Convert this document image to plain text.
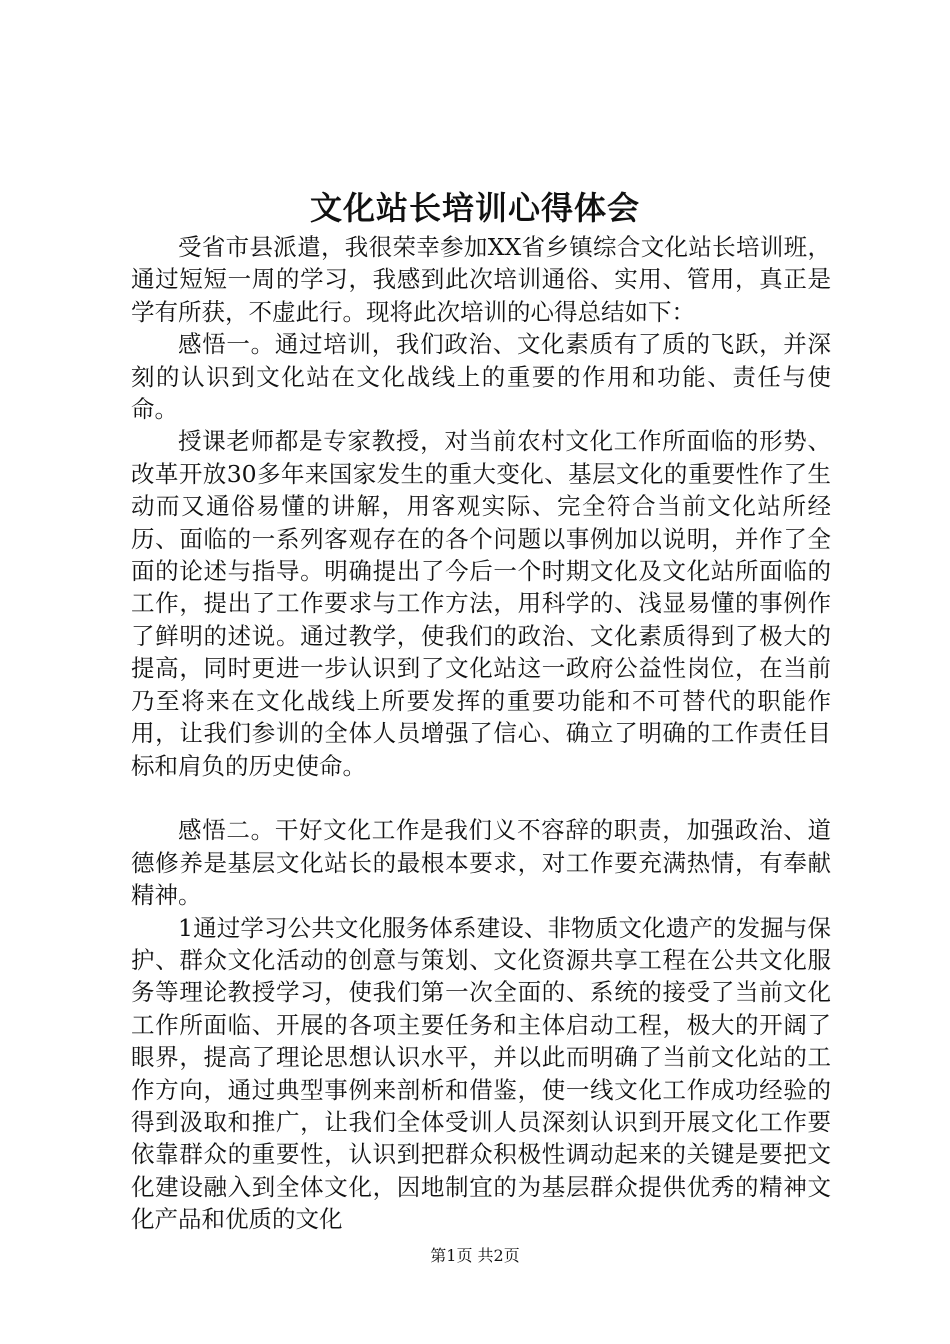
文化站长培训心得体会

受省市县派遣，我很荣幸参加XX省乡镇综合文化站长培训班，通过短短一周的学习，我感到此次培训通俗、实用、管用，真正是学有所获，不虚此行。现将此次培训的心得总结如下：

感悟一。通过培训，我们政治、文化素质有了质的飞跃，并深刻的认识到文化站在文化战线上的重要的作用和功能、责任与使命。

授课老师都是专家教授，对当前农村文化工作所面临的形势、改革开放30多年来国家发生的重大变化、基层文化的重要性作了生动而又通俗易懂的讲解，用客观实际、完全符合当前文化站所经历、面临的一系列客观存在的各个问题以事例加以说明，并作了全面的论述与指导。明确提出了今后一个时期文化及文化站所面临的工作，提出了工作要求与工作方法，用科学的、浅显易懂的事例作了鲜明的述说。通过教学，使我们的政治、文化素质得到了极大的提高，同时更进一步认识到了文化站这一政府公益性岗位，在当前乃至将来在文化战线上所要发挥的重要功能和不可替代的职能作用，让我们参训的全体人员增强了信心、确立了明确的工作责任目标和肩负的历史使命。

感悟二。干好文化工作是我们义不容辞的职责，加强政治、道德修养是基层文化站长的最根本要求，对工作要充满热情，有奉献精神。

1通过学习公共文化服务体系建设、非物质文化遗产的发掘与保护、群众文化活动的创意与策划、文化资源共享工程在公共文化服务等理论教授学习，使我们第一次全面的、系统的接受了当前文化工作所面临、开展的各项主要任务和主体启动工程，极大的开阔了眼界，提高了理论思想认识水平，并以此而明确了当前文化站的工作方向，通过典型事例来剖析和借鉴，使一线文化工作成功经验的得到汲取和推广，让我们全体受训人员深刻认识到开展文化工作要依靠群众的重要性，认识到把群众积极性调动起来的关键是要把文化建设融入到全体文化，因地制宜的为基层群众提供优秀的精神文化产品和优质的文化

第1页 共2页
